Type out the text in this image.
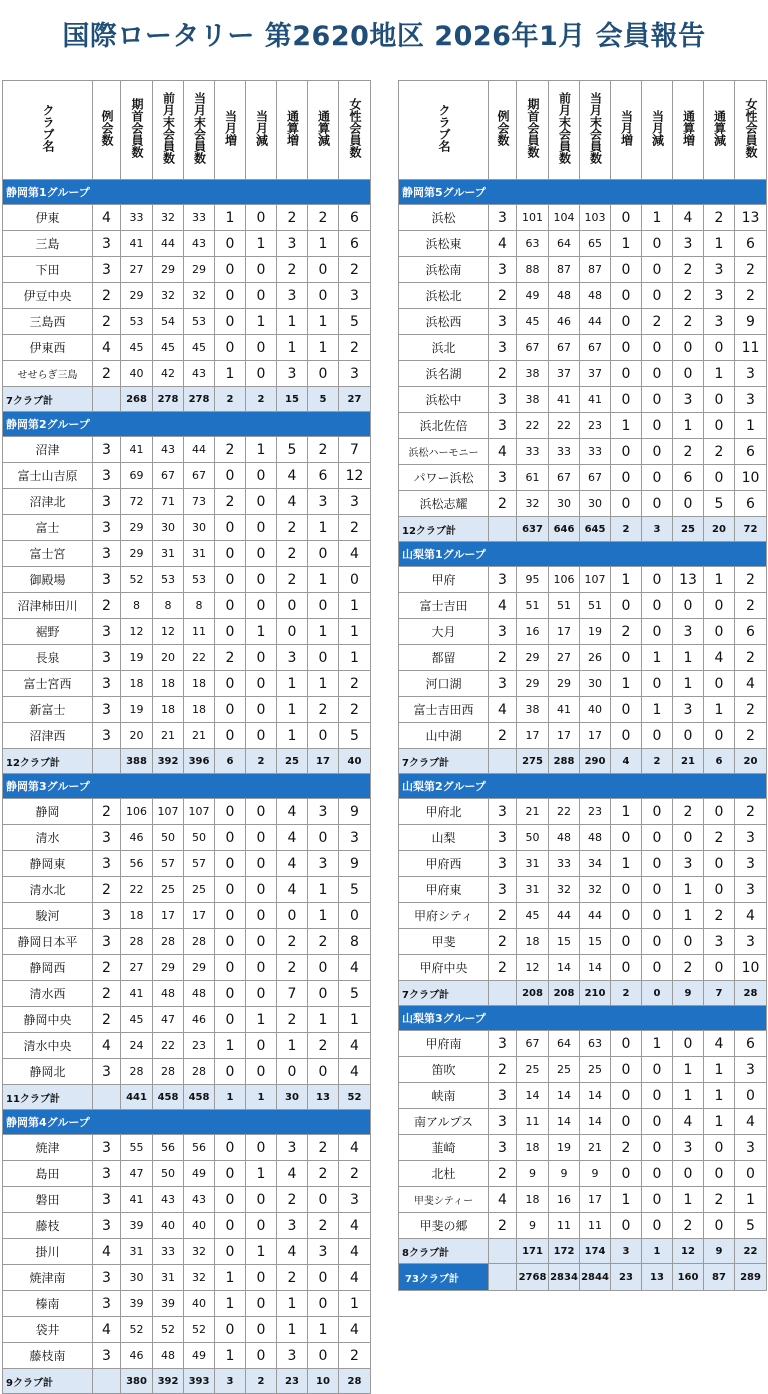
国際ロータリー 第2620地区 2026年1月 会員報告
クラブ名	例会数	期首会員数	前月末会員数	当月末会員数	当月増	当月減	通算増	通算減	女性会員数
静岡第1グループ									
伊東	4	33	32	33	1	0	2	2	6
三島	3	41	44	43	0	1	3	1	6
下田	3	27	29	29	0	0	2	0	2
伊豆中央	2	29	32	32	0	0	3	0	3
三島西	2	53	54	53	0	1	1	1	5
伊東西	4	45	45	45	0	0	1	1	2
せせらぎ三島	2	40	42	43	1	0	3	0	3
7クラブ計		268	278	278	2	2	15	5	27
静岡第2グループ									
沼津	3	41	43	44	2	1	5	2	7
富士山吉原	3	69	67	67	0	0	4	6	12
沼津北	3	72	71	73	2	0	4	3	3
富士	3	29	30	30	0	0	2	1	2
富士宮	3	29	31	31	0	0	2	0	4
御殿場	3	52	53	53	0	0	2	1	0
沼津柿田川	2	8	8	8	0	0	0	0	1
裾野	3	12	12	11	0	1	0	1	1
長泉	3	19	20	22	2	0	3	0	1
富士宮西	3	18	18	18	0	0	1	1	2
新富士	3	19	18	18	0	0	1	2	2
沼津西	3	20	21	21	0	0	1	0	5
12クラブ計		388	392	396	6	2	25	17	40
静岡第3グループ									
静岡	2	106	107	107	0	0	4	3	9
清水	3	46	50	50	0	0	4	0	3
静岡東	3	56	57	57	0	0	4	3	9
清水北	2	22	25	25	0	0	4	1	5
駿河	3	18	17	17	0	0	0	1	0
静岡日本平	3	28	28	28	0	0	2	2	8
静岡西	2	27	29	29	0	0	2	0	4
清水西	2	41	48	48	0	0	7	0	5
静岡中央	2	45	47	46	0	1	2	1	1
清水中央	4	24	22	23	1	0	1	2	4
静岡北	3	28	28	28	0	0	0	0	4
11クラブ計		441	458	458	1	1	30	13	52
静岡第4グループ									
焼津	3	55	56	56	0	0	3	2	4
島田	3	47	50	49	0	1	4	2	2
磐田	3	41	43	43	0	0	2	0	3
藤枝	3	39	40	40	0	0	3	2	4
掛川	4	31	33	32	0	1	4	3	4
焼津南	3	30	31	32	1	0	2	0	4
榛南	3	39	39	40	1	0	1	0	1
袋井	4	52	52	52	0	0	1	1	4
藤枝南	3	46	48	49	1	0	3	0	2
9クラブ計		380	392	393	3	2	23	10	28
クラブ名	例会数	期首会員数	前月末会員数	当月末会員数	当月増	当月減	通算増	通算減	女性会員数
静岡第5グループ									
浜松	3	101	104	103	0	1	4	2	13
浜松東	4	63	64	65	1	0	3	1	6
浜松南	3	88	87	87	0	0	2	3	2
浜松北	2	49	48	48	0	0	2	3	2
浜松西	3	45	46	44	0	2	2	3	9
浜北	3	67	67	67	0	0	0	0	11
浜名湖	2	38	37	37	0	0	0	1	3
浜松中	3	38	41	41	0	0	3	0	3
浜北佐倍	3	22	22	23	1	0	1	0	1
浜松ハーモニー	4	33	33	33	0	0	2	2	6
パワー浜松	3	61	67	67	0	0	6	0	10
浜松志耀	2	32	30	30	0	0	0	5	6
12クラブ計		637	646	645	2	3	25	20	72
山梨第1グループ									
甲府	3	95	106	107	1	0	13	1	2
富士吉田	4	51	51	51	0	0	0	0	2
大月	3	16	17	19	2	0	3	0	6
都留	2	29	27	26	0	1	1	4	2
河口湖	3	29	29	30	1	0	1	0	4
富士吉田西	4	38	41	40	0	1	3	1	2
山中湖	2	17	17	17	0	0	0	0	2
7クラブ計		275	288	290	4	2	21	6	20
山梨第2グループ									
甲府北	3	21	22	23	1	0	2	0	2
山梨	3	50	48	48	0	0	0	2	3
甲府西	3	31	33	34	1	0	3	0	3
甲府東	3	31	32	32	0	0	1	0	3
甲府シティ	2	45	44	44	0	0	1	2	4
甲斐	2	18	15	15	0	0	0	3	3
甲府中央	2	12	14	14	0	0	2	0	10
7クラブ計		208	208	210	2	0	9	7	28
山梨第3グループ									
甲府南	3	67	64	63	0	1	0	4	6
笛吹	2	25	25	25	0	0	1	1	3
峡南	3	14	14	14	0	0	1	1	0
南アルプス	3	11	14	14	0	0	4	1	4
韮崎	3	18	19	21	2	0	3	0	3
北杜	2	9	9	9	0	0	0	0	0
甲斐シティー	4	18	16	17	1	0	1	2	1
甲斐の郷	2	9	11	11	0	0	2	0	5
8クラブ計		171	172	174	3	1	12	9	22
73クラブ計		2768	2834	2844	23	13	160	87	289
